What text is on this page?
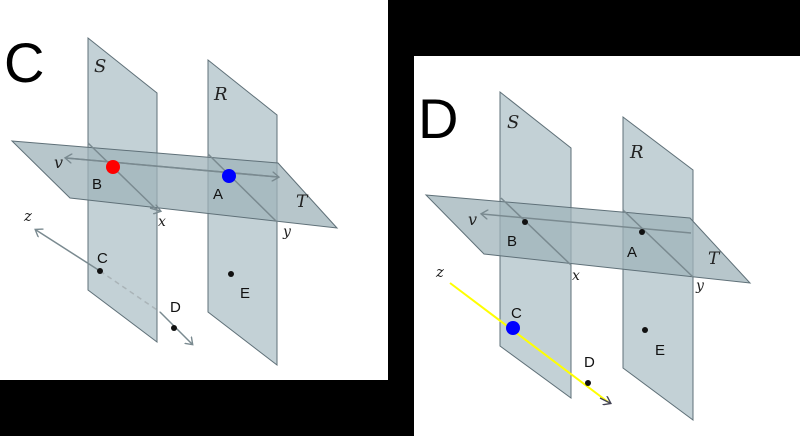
C	S
R
T
v
x
y
z
B
A
C
D
E
D	S
R
T
v
x
y
z
B
A
C
D
E
